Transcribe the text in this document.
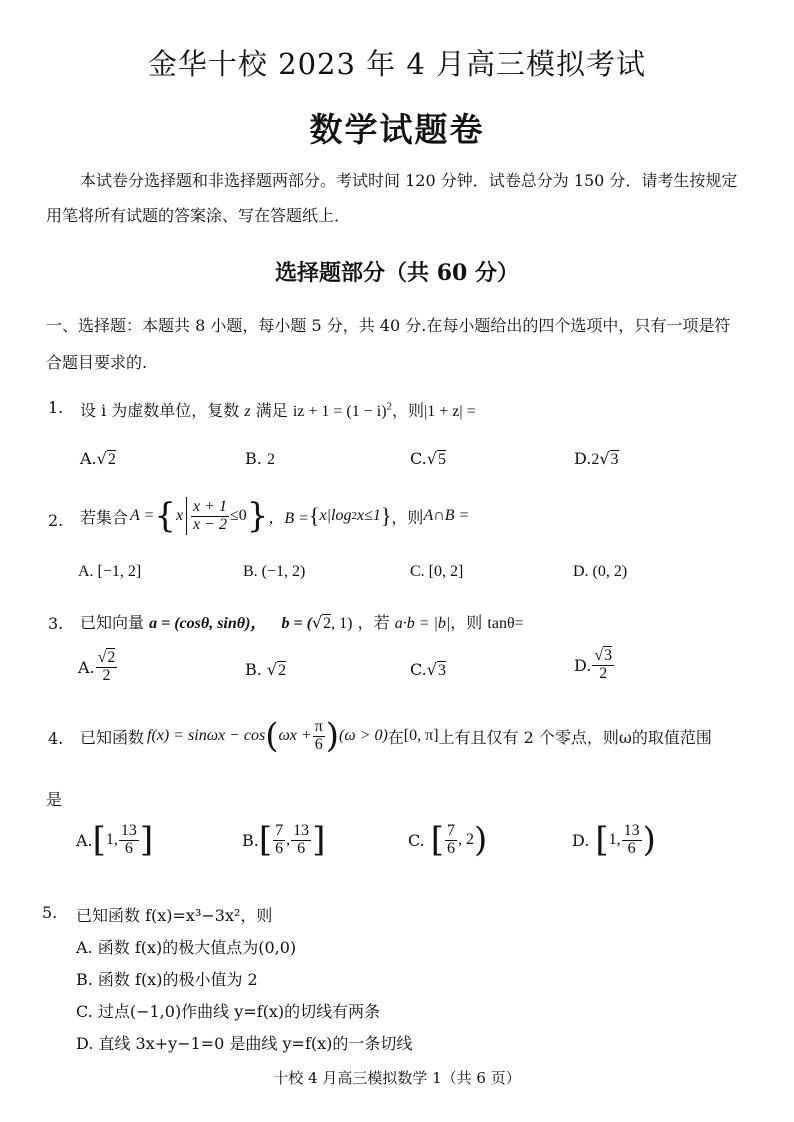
金华十校 2023 年 4 月高三模拟考试
数学试题卷
本试卷分选择题和非选择题两部分。考试时间 120 分钟．试卷总分为 150 分．请考生按规定
用笔将所有试题的答案涂、写在答题纸上．
选择题部分（共 60 分）
一、选择题：本题共 8 小题，每小题 5 分，共 40 分.在每小题给出的四个选项中，只有一项是符
合题目要求的.
1. 设 i 为虚数单位，复数 z 满足 iz + $1 = (1 - i)^2$，则|1 + z| =
A.√2	B. 2	C.√5	D.2√3
2. 若集合 A = { x $\frac{x + 1}{x - 2} \le 0$ } ，B = { x|log 2 x≤1 } ，则 A∩B =
A. [−1, 2]	B. (−1, 2)	C. [0, 2]	D. (0, 2)
3. 已知向量 a = (cosθ, sinθ)， b = (√2, 1) ，若 a·b = |b|，则 tanθ=
A. $\frac{√2}{2}$	B. √2	C.√3	D. $\frac{√3}{2}$
4. 已知函数 f(x) = sinωx − cos ( $\omega x + \frac{\pi}{6}$ ) (ω > 0) 在 [0, π] 上有且仅有 2 个零点，则ω的取值范围
是
A. [ 1, $\frac{13}{6}$ ]	B. [ $\frac{7}{6}$ , $\frac{13}{6}$ ]	C. [ $\frac{7}{6}$ , 2 )	D. [ 1, $\frac{13}{6}$ )
5. 已知函数 f(x)=x³−3x²，则
A. 函数 f(x)的极大值点为(0,0)
B. 函数 f(x)的极小值为 2
C. 过点(−1,0)作曲线 y=f(x)的切线有两条
D. 直线 3x+y−1=0 是曲线 y=f(x)的一条切线
十校 4 月高三模拟数学 1（共 6 页）
